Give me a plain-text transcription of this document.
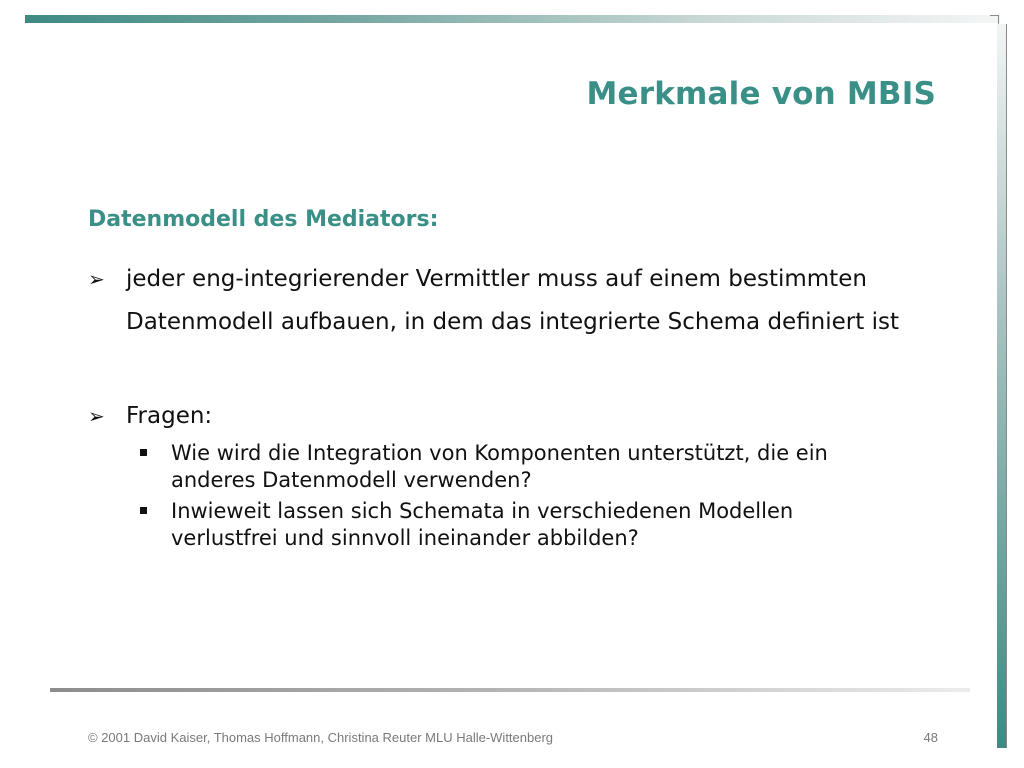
Merkmale von MBIS
Datenmodell des Mediators:
➢ jeder eng-integrierender Vermittler muss auf einem bestimmten Datenmodell aufbauen, in dem das integrierte Schema definiert ist
➢ Fragen:
Wie wird die Integration von Komponenten unterstützt, die ein anderes Datenmodell verwenden?
Inwieweit lassen sich Schemata in verschiedenen Modellen verlustfrei und sinnvoll ineinander abbilden?
© 2001 David Kaiser, Thomas Hoffmann, Christina Reuter MLU Halle-Wittenberg	48
